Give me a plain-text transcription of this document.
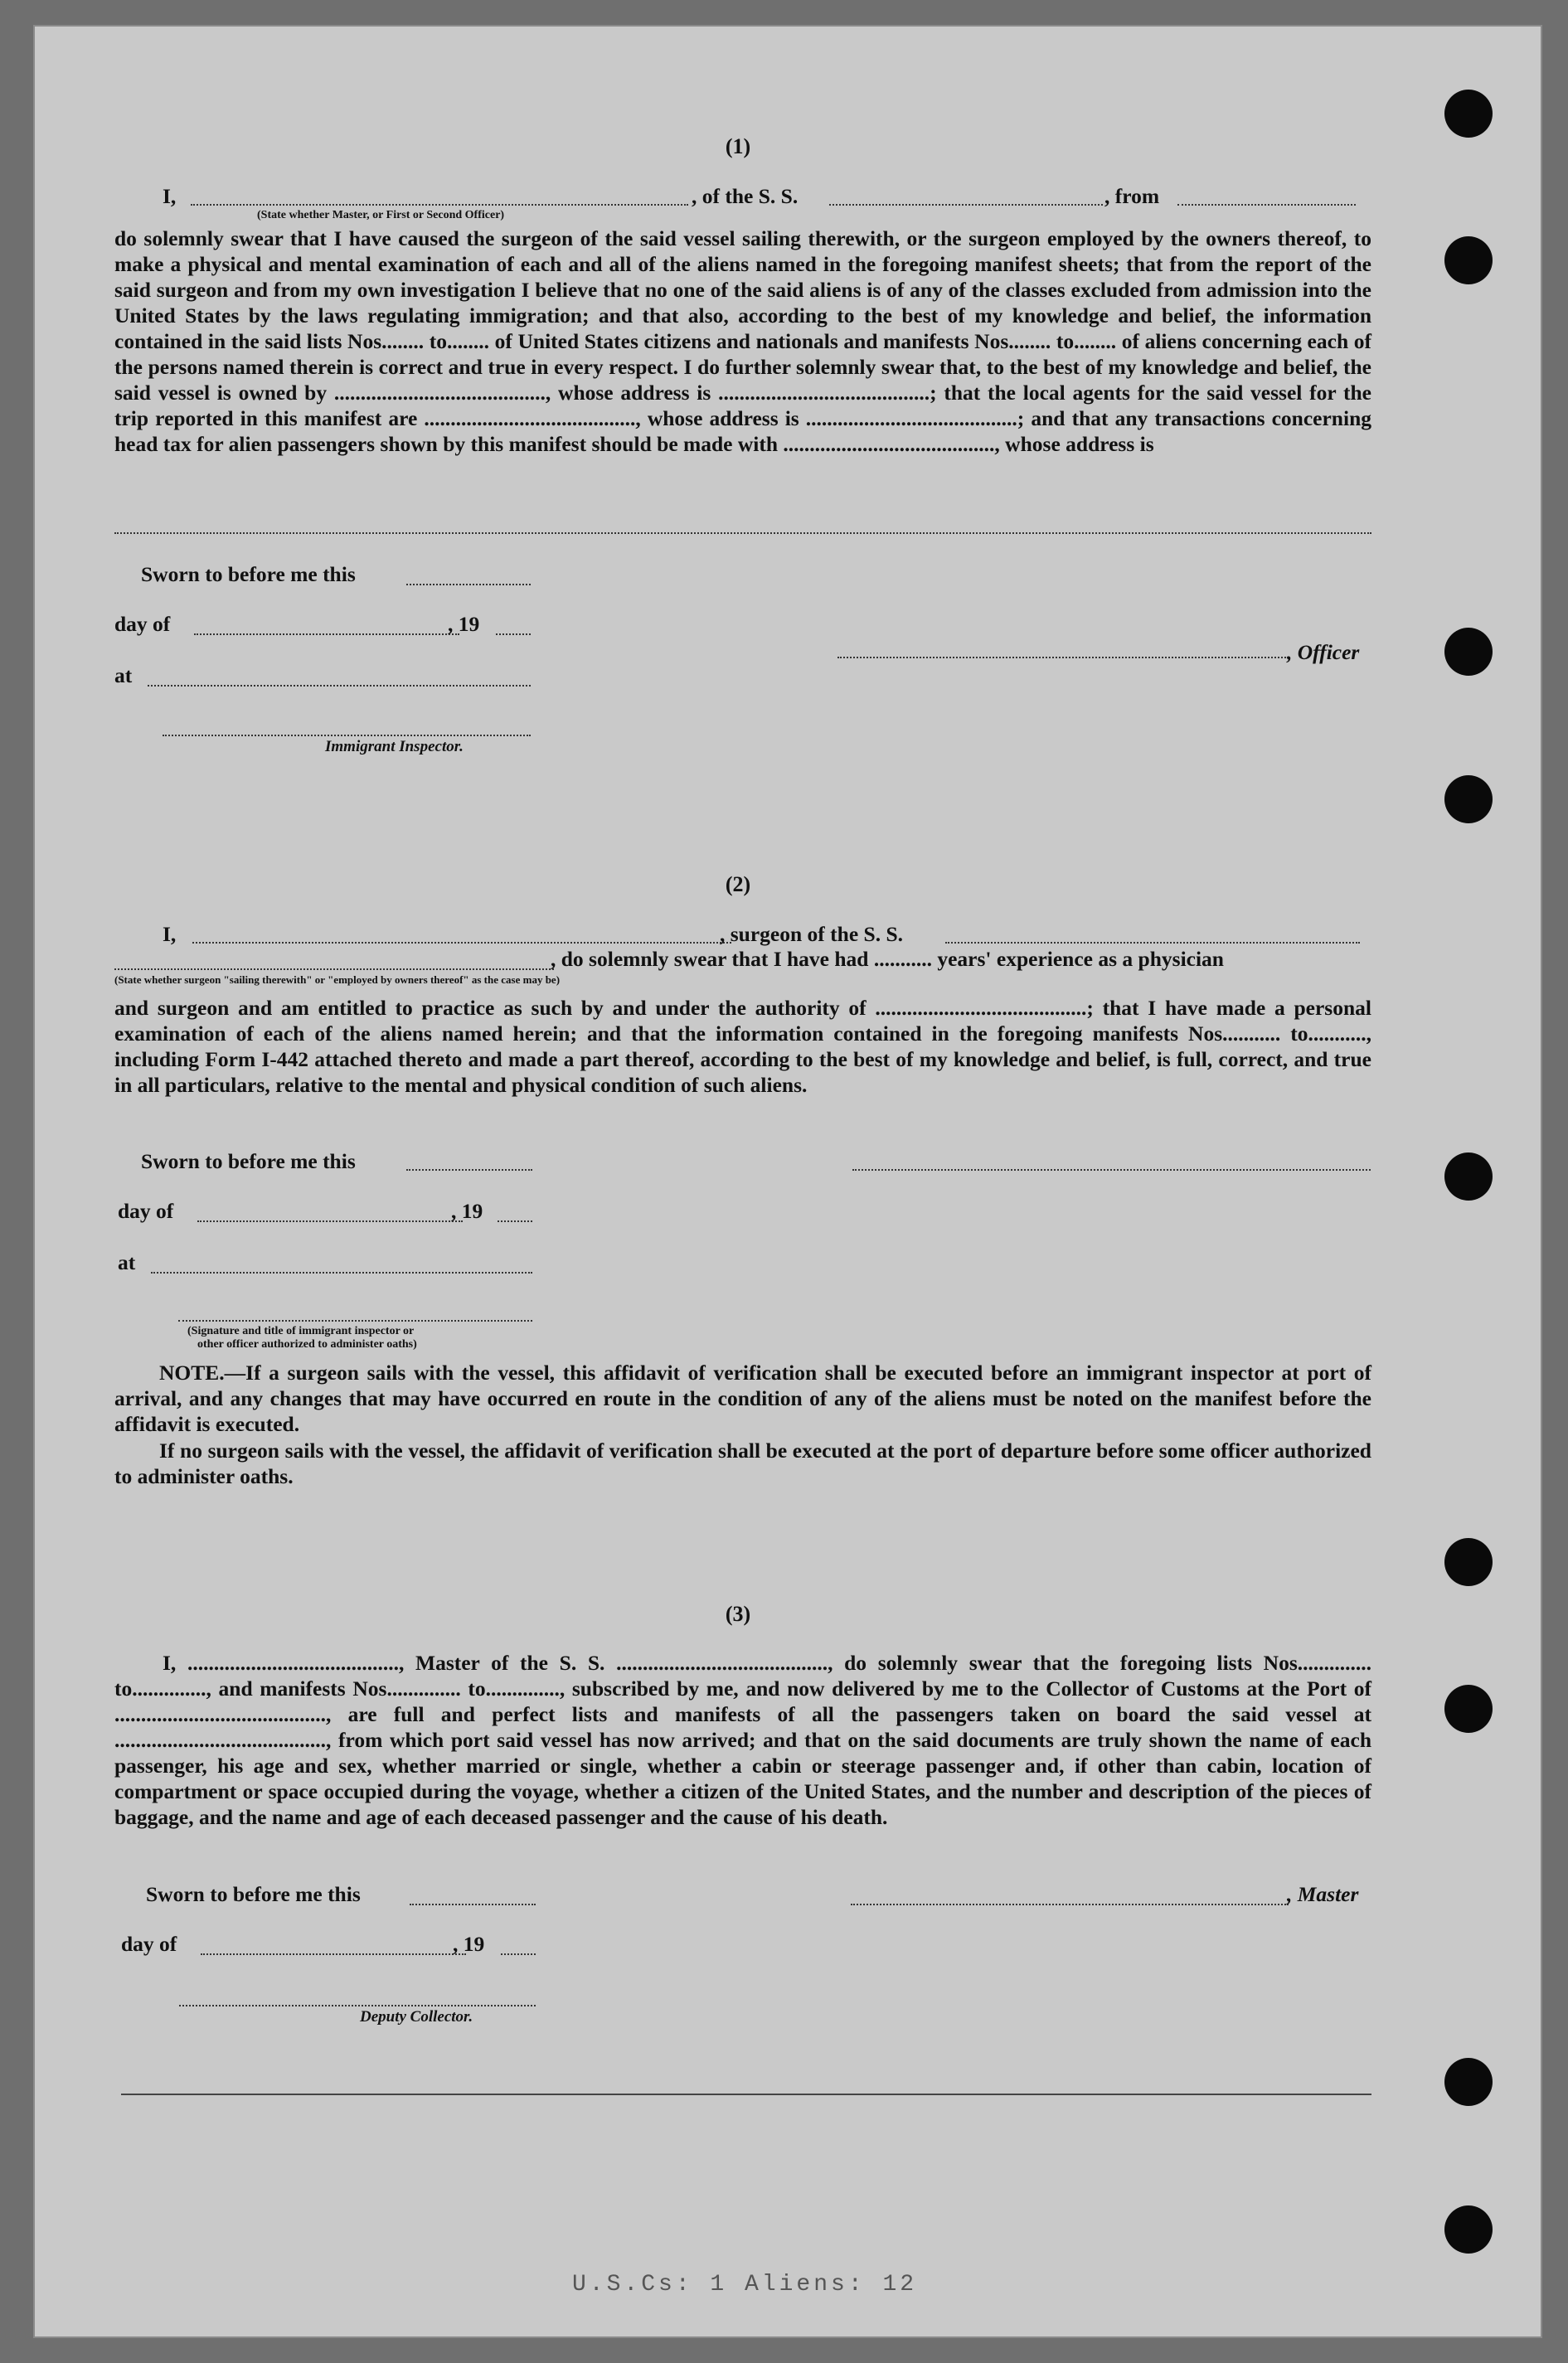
(1)
I,	, of the S. S.	, from
(State whether Master, or First or Second Officer)

do solemnly swear that I have caused the surgeon of the said vessel sailing therewith, or the surgeon employed by the owners thereof, to make a physical and mental examination of each and all of the aliens named in the foregoing manifest sheets; that from the report of the said surgeon and from my own investigation I believe that no one of the said aliens is of any of the classes excluded from admission into the United States by the laws regulating immigration; and that also, according to the best of my knowledge and belief, the information contained in the said lists Nos........ to........ of United States citizens and nationals and manifests Nos........ to........ of aliens concerning each of the persons named therein is correct and true in every respect. I do further solemnly swear that, to the best of my knowledge and belief, the said vessel is owned by ........................................, whose address is ........................................; that the local agents for the said vessel for the trip reported in this manifest are ........................................, whose address is ........................................; and that any transactions concerning head tax for alien passengers shown by this manifest should be made with ........................................, whose address is

Sworn to before me this
day of	, 19
at
Immigrant Inspector.
, Officer
(2)
I,	, surgeon of the S. S.
, do solemnly swear that I have had ........... years' experience as a physician
(State whether surgeon "sailing therewith" or "employed by owners thereof" as the case may be)

and surgeon and am entitled to practice as such by and under the authority of ........................................; that I have made a personal examination of each of the aliens named herein; and that the information contained in the foregoing manifests Nos........... to..........., including Form I-442 attached thereto and made a part thereof, according to the best of my knowledge and belief, is full, correct, and true in all particulars, relative to the mental and physical condition of such aliens.

Sworn to before me this
day of	, 19
at
(Signature and title of immigrant inspector or
other officer authorized to administer oaths)

NOTE.—If a surgeon sails with the vessel, this affidavit of verification shall be executed before an immigrant inspector at port of arrival, and any changes that may have occurred en route in the condition of any of the aliens must be noted on the manifest before the affidavit is executed.

If no surgeon sails with the vessel, the affidavit of verification shall be executed at the port of departure before some officer authorized to administer oaths.

(3)

I, ........................................, Master of the S. S. ........................................, do solemnly swear that the foregoing lists Nos.............. to.............., and manifests Nos.............. to.............., subscribed by me, and now delivered by me to the Collector of Customs at the Port of ........................................, are full and perfect lists and manifests of all the passengers taken on board the said vessel at ........................................, from which port said vessel has now arrived; and that on the said documents are truly shown the name of each passenger, his age and sex, whether married or single, whether a cabin or steerage passenger and, if other than cabin, location of compartment or space occupied during the voyage, whether a citizen of the United States, and the number and description of the pieces of baggage, and the name and age of each deceased passenger and the cause of his death.

Sworn to before me this	, Master
day of	, 19
Deputy Collector.
U.S.Cs: 1 Aliens: 12
